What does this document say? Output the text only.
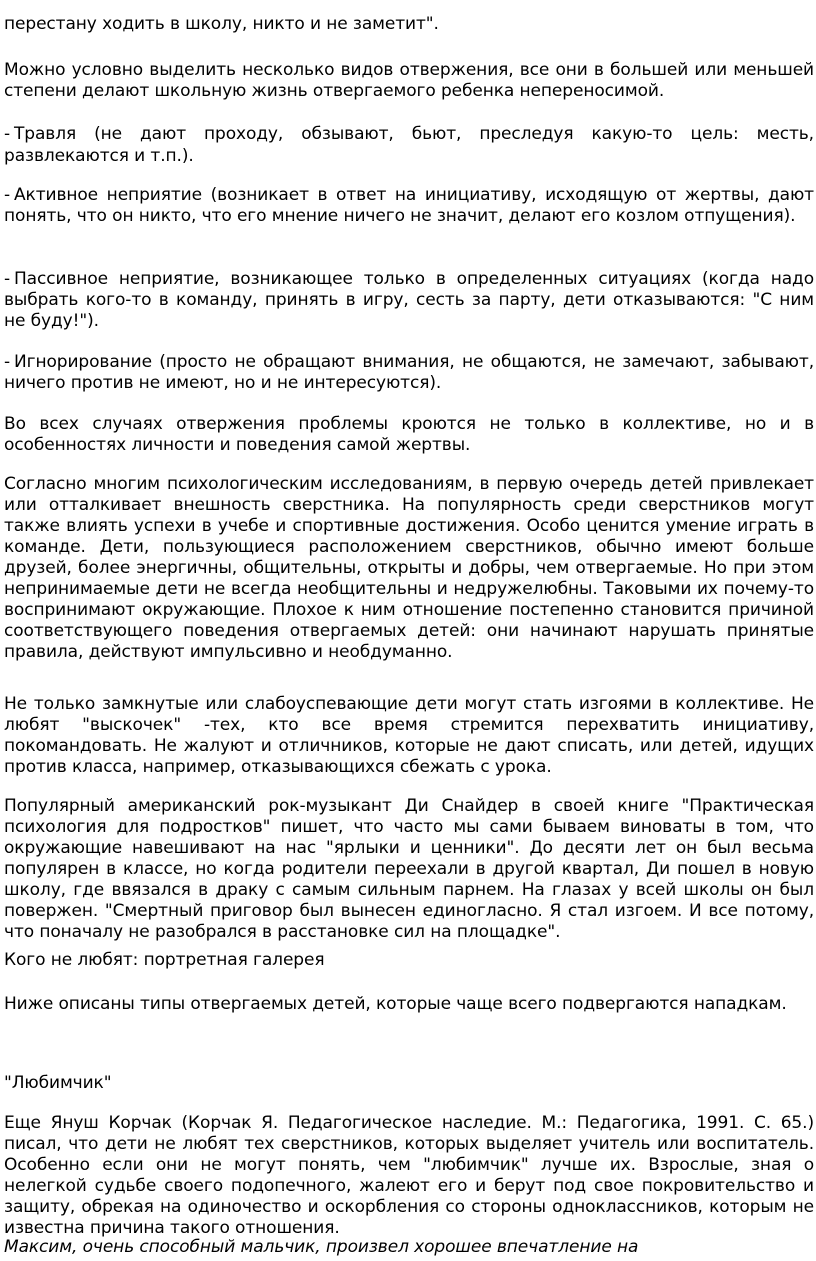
перестану ходить в школу, никто и не заметит".

Можно условно выделить несколько видов отвержения, все они в большей или меньшей степени делают школьную жизнь отвергаемого ребенка непереносимой.

- Травля (не дают проходу, обзывают, бьют, преследуя какую-то цель: месть, развлекаются и т.п.).

- Активное неприятие (возникает в ответ на инициативу, исходящую от жертвы, дают понять, что он никто, что его мнение ничего не значит, делают его козлом отпущения).

- Пассивное неприятие, возникающее только в определенных ситуациях (когда надо выбрать кого-то в команду, принять в игру, сесть за парту, дети отказываются: "С ним не буду!").

- Игнорирование (просто не обращают внимания, не общаются, не замечают, забывают, ничего против не имеют, но и не интересуются).

Во всех случаях отвержения проблемы кроются не только в коллективе, но и в особенностях личности и поведения самой жертвы.

Согласно многим психологическим исследованиям, в первую очередь детей привлекает или отталкивает внешность сверстника. На популярность среди сверстников могут также влиять успехи в учебе и спортивные достижения. Особо ценится умение играть в команде. Дети, пользующиеся расположением сверстников, обычно имеют больше друзей, более энергичны, общительны, открыты и добры, чем отвергаемые. Но при этом непринимаемые дети не всегда необщительны и недружелюбны. Таковыми их почему-то воспринимают окружающие. Плохое к ним отношение постепенно становится причиной соответствующего поведения отвергаемых детей: они начинают нарушать принятые правила, действуют импульсивно и необдуманно.

Не только замкнутые или слабоуспевающие дети могут стать изгоями в коллективе. Не любят "выскочек" -тех, кто все время стремится перехватить инициативу, покомандовать. Не жалуют и отличников, которые не дают списать, или детей, идущих против класса, например, отказывающихся сбежать с урока.

Популярный американский рок-музыкант Ди Снайдер в своей книге "Практическая психология для подростков" пишет, что часто мы сами бываем виноваты в том, что окружающие навешивают на нас "ярлыки и ценники". До десяти лет он был весьма популярен в классе, но когда родители переехали в другой квартал, Ди пошел в новую школу, где ввязался в драку с самым сильным парнем. На глазах у всей школы он был повержен. "Смертный приговор был вынесен единогласно. Я стал изгоем. И все потому, что поначалу не разобрался в расстановке сил на площадке".

Кого не любят: портретная галерея

Ниже описаны типы отвергаемых детей, которые чаще всего подвергаются нападкам.

"Любимчик"

Еще Януш Корчак (Корчак Я. Педагогическое наследие. М.: Педагогика, 1991. С. 65.) писал, что дети не любят тех сверстников, которых выделяет учитель или воспитатель. Особенно если они не могут понять, чем "любимчик" лучше их. Взрослые, зная о нелегкой судьбе своего подопечного, жалеют его и берут под свое покровительство и защиту, обрекая на одиночество и оскорбления со стороны одноклассников, которым не известна причина такого отношения.

Максим, очень способный мальчик, произвел хорошее впечатление на
